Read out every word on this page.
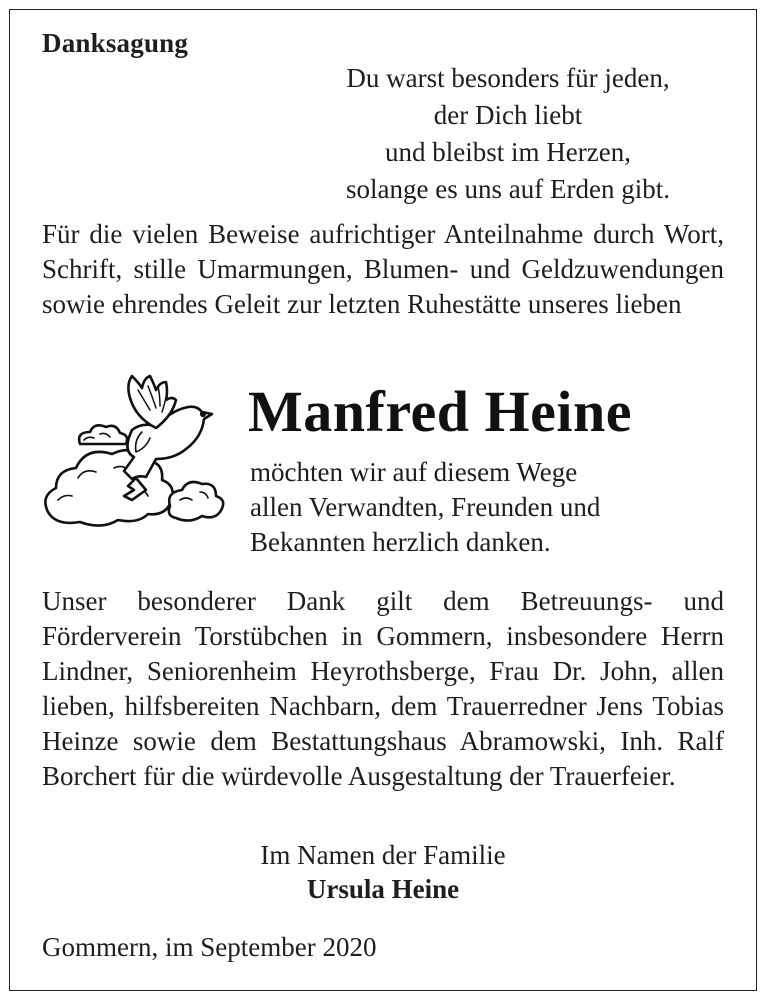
Danksagung
Du warst besonders für jeden,
der Dich liebt
und bleibst im Herzen,
solange es uns auf Erden gibt.
Für die vielen Beweise aufrichtiger Anteilnahme durch Wort, Schrift, stille Umarmungen, Blumen- und Geldzuwendungen sowie ehrendes Geleit zur letzten Ruhestätte unseres lieben
Manfred Heine
möchten wir auf diesem Wege
allen Verwandten, Freunden und
Bekannten herzlich danken.
Unser besonderer Dank gilt dem Betreuungs- und Förderverein Torstübchen in Gommern, insbesondere Herrn Lindner, Seniorenheim Heyrothsberge, Frau Dr. John, allen lieben, hilfsbereiten Nachbarn, dem Trauerredner Jens Tobias Heinze sowie dem Bestattungshaus Abramowski, Inh. Ralf Borchert für die würdevolle Ausgestaltung der Trauerfeier.
Im Namen der Familie
Ursula Heine
Gommern, im September 2020
